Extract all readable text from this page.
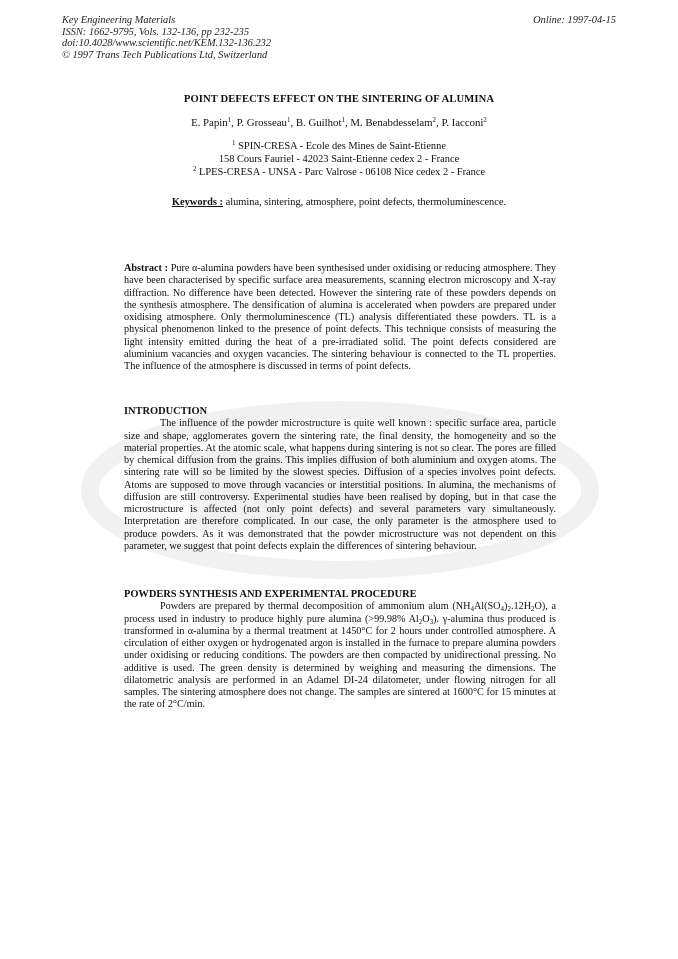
Key Engineering Materials
ISSN: 1662-9795, Vols. 132-136, pp 232-235
doi:10.4028/www.scientific.net/KEM.132-136.232
© 1997 Trans Tech Publications Ltd, Switzerland
Online: 1997-04-15
POINT DEFECTS EFFECT ON THE SINTERING OF ALUMINA
E. Papin$^1$, P. Grosseau$^1$, B. Guilhot$^1$, M. Benabdesselam$^2$, P. Iacconi$^2$
$^1$ SPIN-CRESA - Ecole des Mines de Saint-Etienne
158 Cours Fauriel - 42023 Saint-Etienne cedex 2 - France
$^2$ LPES-CRESA - UNSA - Parc Valrose - 06108 Nice cedex 2 - France
Keywords : alumina, sintering, atmosphere, point defects, thermoluminescence.
Abstract : Pure α-alumina powders have been synthesised under oxidising or reducing atmosphere. They have been characterised by specific surface area measurements, scanning electron microscopy and X-ray diffraction. No difference have been detected. However the sintering rate of these powders depends on the synthesis atmosphere. The densification of alumina is accelerated when powders are prepared under oxidising atmosphere. Only thermoluminescence (TL) analysis differentiated these powders. TL is a physical phenomenon linked to the presence of point defects. This technique consists of measuring the light intensity emitted during the heat of a pre-irradiated solid. The point defects considered are aluminium vacancies and oxygen vacancies. The sintering behaviour is connected to the TL properties. The influence of the atmosphere is discussed in terms of point defects.
INTRODUCTION
The influence of the powder microstructure is quite well known : specific surface area, particle size and shape, agglomerates govern the sintering rate, the final density, the homogeneity and so the material properties. At the atomic scale, what happens during sintering is not so clear. The pores are filled by chemical diffusion from the grains. This implies diffusion of both aluminium and oxygen atoms. The sintering rate will so be limited by the slowest species. Diffusion of a species involves point defects. Atoms are supposed to move through vacancies or interstitial positions. In alumina, the mechanisms of diffusion are still controversy. Experimental studies have been realised by doping, but in that case the microstructure is affected (not only point defects) and several parameters vary simultaneously. Interpretation are therefore complicated. In our case, the only parameter is the atmosphere used to produce powders. As it was demonstrated that the powder microstructure was not dependent on this parameter, we suggest that point defects explain the differences of sintering behaviour.
POWDERS SYNTHESIS AND EXPERIMENTAL PROCEDURE
Powders are prepared by thermal decomposition of ammonium alum $(NH_4Al(SO_4)_2.12H_2O)$, a process used in industry to produce highly pure alumina (>99.98% $Al_2O_3$). γ-alumina thus produced is transformed in α-alumina by a thermal treatment at 1450°C for 2 hours under controlled atmosphere. A circulation of either oxygen or hydrogenated argon is installed in the furnace to prepare alumina powders under oxidising or reducing conditions. The powders are then compacted by unidirectional pressing. No additive is used. The green density is determined by weighing and measuring the dimensions. The dilatometric analysis are performed in an Adamel DI-24 dilatometer, under flowing nitrogen for all samples. The sintering atmosphere does not change. The samples are sintered at 1600°C for 15 minutes at the rate of 2°C/min.
